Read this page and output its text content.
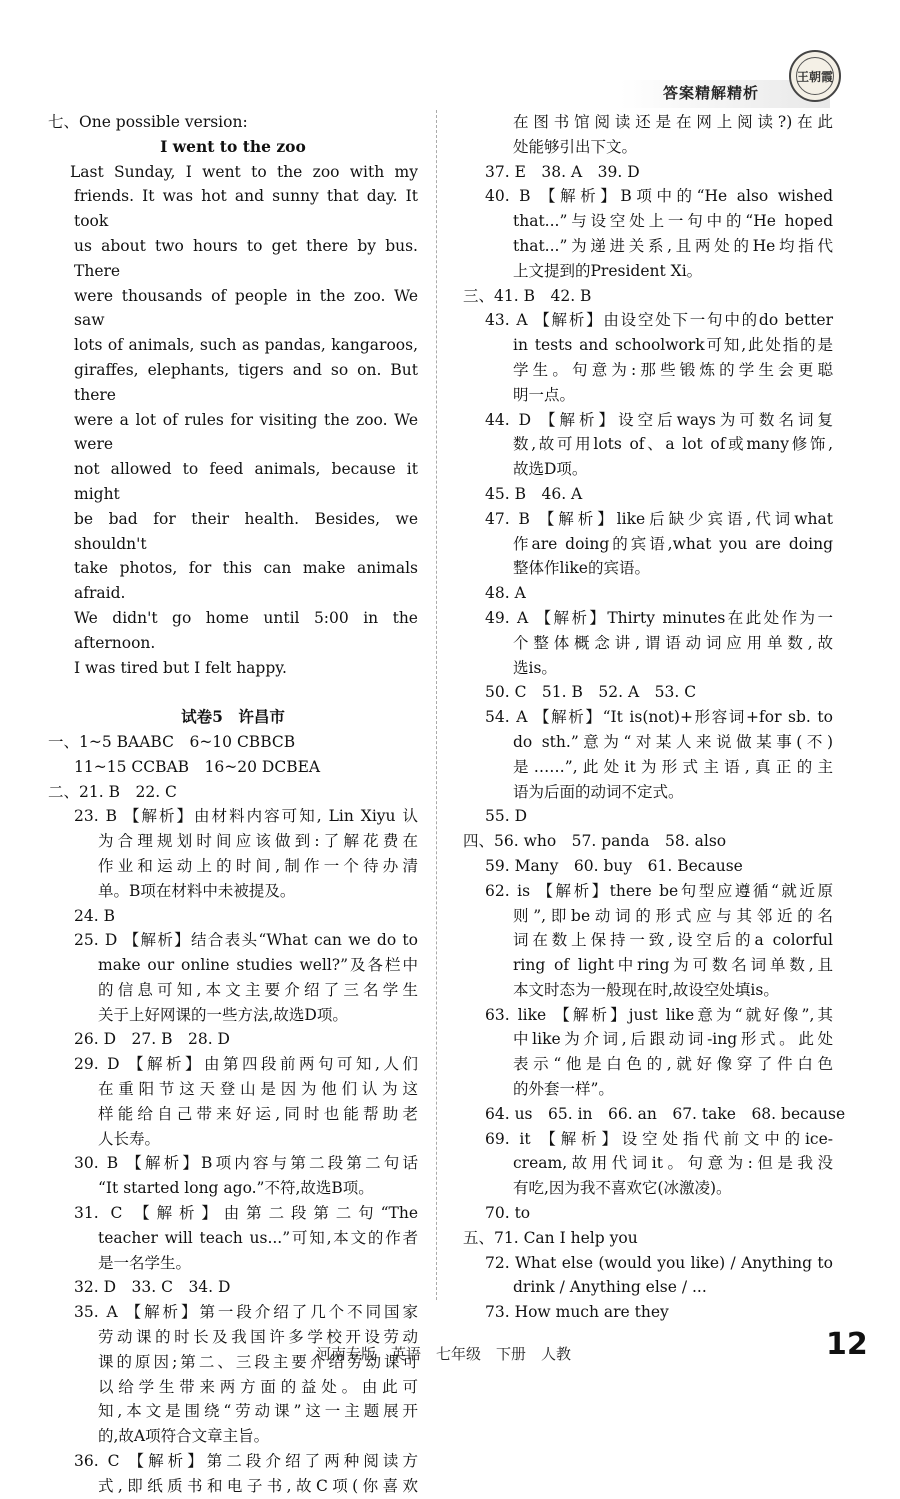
答案精解精析
王朝霞
七、One possible version:
I went to the zoo
Last Sunday, I went to the zoo with my
friends. It was hot and sunny that day. It took
us about two hours to get there by bus. There
were thousands of people in the zoo. We saw
lots of animals, such as pandas, kangaroos,
giraffes, elephants, tigers and so on. But there
were a lot of rules for visiting the zoo. We were
not allowed to feed animals, because it might
be bad for their health. Besides, we shouldn't
take photos, for this can make animals afraid.
We didn't go home until 5:00 in the afternoon.
I was tired but I felt happy.

试卷5　许昌市
一、1~5 BAABC　6~10 CBBCB
11~15 CCBAB　16~20 DCBEA
二、21. B　22. C
23. B 【解析】由材料内容可知, Lin Xiyu 认
为合理规划时间应该做到:了解花费在
作业和运动上的时间,制作一个待办清
单。B项在材料中未被提及。
24. B
25. D 【解析】结合表头“What can we do to
make our online studies well?”及各栏中
的信息可知,本文主要介绍了三名学生
关于上好网课的一些方法,故选D项。
26. D　27. B　28. D
29. D 【解析】由第四段前两句可知,人们
在重阳节这天登山是因为他们认为这
样能给自己带来好运,同时也能帮助老
人长寿。
30. B 【解析】B项内容与第二段第二句话
“It started long ago.”不符,故选B项。
31. C 【解析】由第二段第二句“The
teacher will teach us...”可知,本文的作者
是一名学生。
32. D　33. C　34. D
35. A 【解析】第一段介绍了几个不同国家
劳动课的时长及我国许多学校开设劳动
课的原因;第二、三段主要介绍劳动课可
以给学生带来两方面的益处。由此可
知,本文是围绕“劳动课”这一主题展开
的,故A项符合文章主旨。
36. C 【解析】第二段介绍了两种阅读方
式,即纸质书和电子书,故C项(你喜欢
在图书馆阅读还是在网上阅读?)在此
处能够引出下文。
37. E　38. A　39. D
40. B 【解析】B项中的“He also wished
that...”与设空处上一句中的“He hoped
that...”为递进关系,且两处的He均指代
上文提到的President Xi。
三、41. B　42. B
43. A 【解析】由设空处下一句中的do better
in tests and schoolwork可知,此处指的是
学生。句意为:那些锻炼的学生会更聪
明一点。
44. D 【解析】设空后ways为可数名词复
数,故可用lots of、a lot of或many修饰,
故选D项。
45. B　46. A
47. B 【解析】like后缺少宾语,代词what
作are doing的宾语,what you are doing
整体作like的宾语。
48. A
49. A 【解析】Thirty minutes在此处作为一
个整体概念讲,谓语动词应用单数,故
选is。
50. C　51. B　52. A　53. C
54. A 【解析】“It is(not)+形容词+for sb. to
do sth.”意为“对某人来说做某事(不)
是……”,此处it为形式主语,真正的主
语为后面的动词不定式。
55. D
四、56. who　57. panda　58. also
59. Many　60. buy　61. Because
62. is 【解析】there be句型应遵循“就近原
则”,即be动词的形式应与其邻近的名
词在数上保持一致,设空后的a colorful
ring of light中ring为可数名词单数,且
本文时态为一般现在时,故设空处填is。
63. like 【解析】just like意为“就好像”,其
中like为介词,后跟动词-ing形式。此处
表示“他是白色的,就好像穿了件白色
的外套一样”。
64. us　65. in　66. an　67. take　68. because
69. it 【解析】设空处指代前文中的ice-
cream,故用代词it。句意为:但是我没
有吃,因为我不喜欢它(冰激凌)。
70. to
五、71. Can I help you
72. What else (would you like) / Anything to
drink / Anything else / ...
73. How much are they
河南专版　英语　七年级　下册　人教	12
